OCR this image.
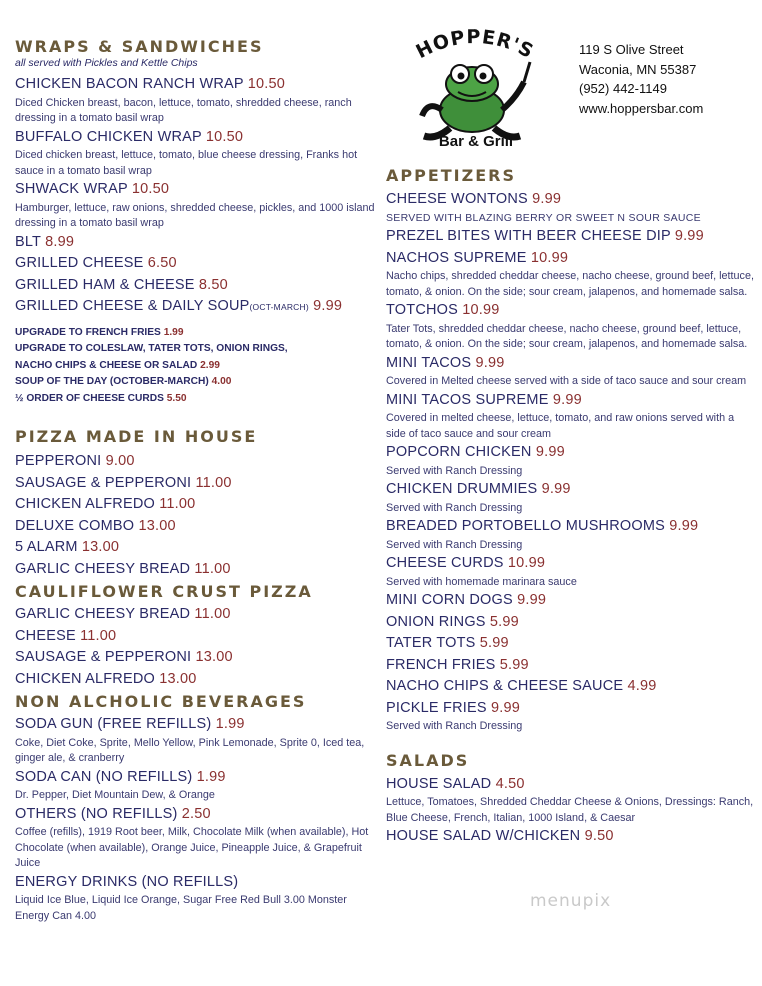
WRAPS & SANDWICHES
all served with Pickles and Kettle Chips
CHICKEN BACON RANCH WRAP 10.50
Diced Chicken breast, bacon, lettuce, tomato, shredded cheese, ranch dressing in a tomato basil wrap
BUFFALO CHICKEN WRAP 10.50
Diced chicken breast, lettuce, tomato, blue cheese dressing, Franks hot sauce in a tomato basil wrap
SHWACK WRAP 10.50
Hamburger, lettuce, raw onions, shredded cheese, pickles, and 1000 island dressing in a tomato basil wrap
BLT 8.99
GRILLED CHEESE 6.50
GRILLED HAM & CHEESE 8.50
GRILLED CHEESE & DAILY SOUP(OCT-MARCH) 9.99
UPGRADE TO FRENCH FRIES 1.99
UPGRADE TO COLESLAW, TATER TOTS, ONION RINGS,
NACHO CHIPS & CHEESE OR SALAD 2.99
SOUP OF THE DAY (OCTOBER-MARCH) 4.00
½ ORDER OF CHEESE CURDS 5.50
PIZZA MADE IN HOUSE
PEPPERONI 9.00
SAUSAGE & PEPPERONI 11.00
CHICKEN ALFREDO 11.00
DELUXE COMBO 13.00
5 ALARM 13.00
GARLIC CHEESY BREAD 11.00
CAULIFLOWER CRUST PIZZA
GARLIC CHEESY BREAD 11.00
CHEESE 11.00
SAUSAGE & PEPPERONI 13.00
CHICKEN ALFREDO 13.00
NON ALCHOLIC BEVERAGES
SODA GUN (FREE REFILLS) 1.99
Coke, Diet Coke, Sprite, Mello Yellow, Pink Lemonade, Sprite 0, Iced tea, ginger ale, & cranberry
SODA CAN (NO REFILLS) 1.99
Dr. Pepper, Diet Mountain Dew, & Orange
OTHERS (NO REFILLS) 2.50
Coffee (refills), 1919 Root beer, Milk, Chocolate Milk (when available), Hot Chocolate (when available), Orange Juice, Pineapple Juice, & Grapefruit Juice
ENERGY DRINKS (NO REFILLS)
Liquid Ice Blue, Liquid Ice Orange, Sugar Free Red Bull 3.00 Monster Energy Can 4.00
HOPPER'S
Bar & Grill
119 S Olive Street
Waconia, MN 55387
(952) 442-1149
www.hoppersbar.com
APPETIZERS
CHEESE WONTONS 9.99
SERVED WITH BLAZING BERRY OR SWEET N SOUR SAUCE
PREZEL BITES WITH BEER CHEESE DIP 9.99
NACHOS SUPREME 10.99
Nacho chips, shredded cheddar cheese, nacho cheese, ground beef, lettuce, tomato, & onion. On the side; sour cream, jalapenos, and homemade salsa.
TOTCHOS 10.99
Tater Tots, shredded cheddar cheese, nacho cheese, ground beef, lettuce, tomato, & onion. On the side; sour cream, jalapenos, and homemade salsa.
MINI TACOS 9.99
Covered in Melted cheese served with a side of taco sauce and sour cream
MINI TACOS SUPREME 9.99
Covered in melted cheese, lettuce, tomato, and raw onions served with a side of taco sauce and sour cream
POPCORN CHICKEN 9.99
Served with Ranch Dressing
CHICKEN DRUMMIES 9.99
Served with Ranch Dressing
BREADED PORTOBELLO MUSHROOMS 9.99
Served with Ranch Dressing
CHEESE CURDS 10.99
Served with homemade marinara sauce
MINI CORN DOGS 9.99
ONION RINGS 5.99
TATER TOTS 5.99
FRENCH FRIES 5.99
NACHO CHIPS & CHEESE SAUCE 4.99
PICKLE FRIES 9.99
Served with Ranch Dressing
SALADS
HOUSE SALAD 4.50
Lettuce, Tomatoes, Shredded Cheddar Cheese & Onions, Dressings: Ranch, Blue Cheese, French, Italian, 1000 Island, & Caesar
HOUSE SALAD W/CHICKEN 9.50
menupix
